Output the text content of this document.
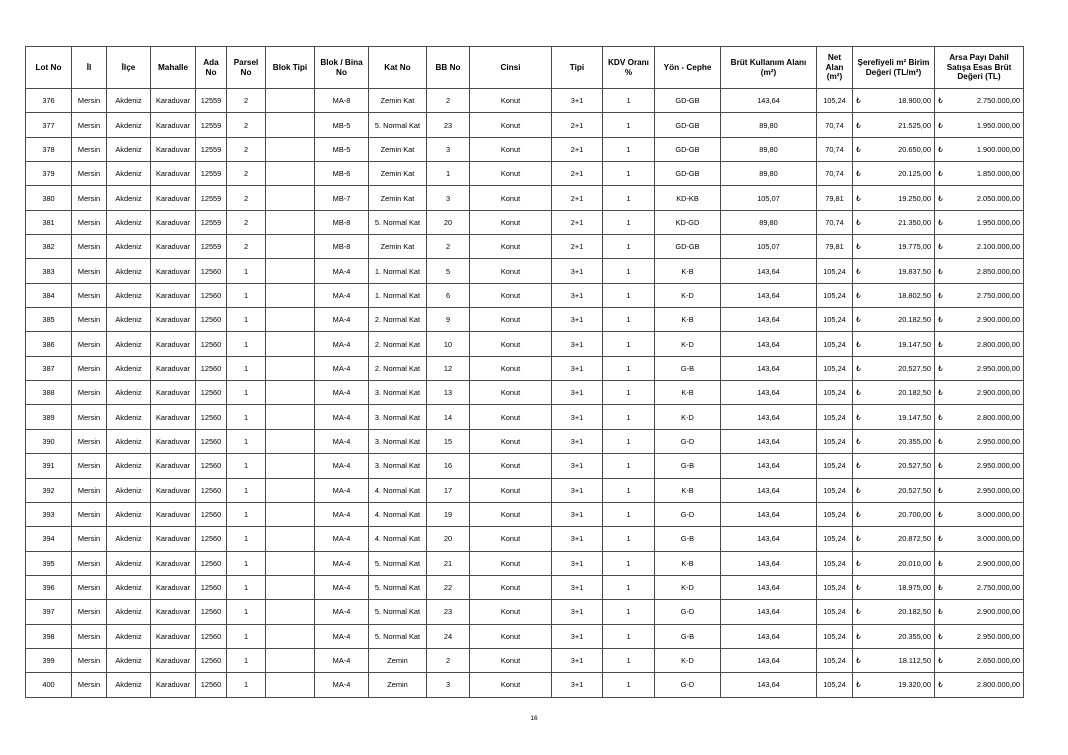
Lot No	İl	İlçe	Mahalle	Ada No	Parsel No	Blok Tipi	Blok / Bina No	Kat No	BB No	Cinsi	Tipi	KDV Oranı %	Yön - Cephe	Brüt Kullanım Alanı (m²)	Net Alan (m²)	Şerefiyeli m² Birim Değeri (TL/m²)	Arsa Payı Dahil Satışa Esas Brüt Değeri (TL)
376	Mersin	Akdeniz	Karaduvar	12559	2		MA-8	Zemin Kat	2	Konut	3+1	1	GD-GB	143,64	105,24	₺ 18.900,00	₺ 2.750.000,00
377	Mersin	Akdeniz	Karaduvar	12559	2		MB-5	5. Normal Kat	23	Konut	2+1	1	GD-GB	89,80	70,74	₺ 21.525,00	₺ 1.950.000,00
378	Mersin	Akdeniz	Karaduvar	12559	2		MB-5	Zemin Kat	3	Konut	2+1	1	GD-GB	89,80	70,74	₺ 20.650,00	₺ 1.900.000,00
379	Mersin	Akdeniz	Karaduvar	12559	2		MB-6	Zemin Kat	1	Konut	2+1	1	GD-GB	89,80	70,74	₺ 20.125,00	₺ 1.850.000,00
380	Mersin	Akdeniz	Karaduvar	12559	2		MB-7	Zemin Kat	3	Konut	2+1	1	KD-KB	105,07	79,81	₺ 19.250,00	₺ 2.050.000,00
381	Mersin	Akdeniz	Karaduvar	12559	2		MB-8	5. Normal Kat	20	Konut	2+1	1	KD-GD	89,80	70,74	₺ 21.350,00	₺ 1.950.000,00
382	Mersin	Akdeniz	Karaduvar	12559	2		MB-8	Zemin Kat	2	Konut	2+1	1	GD-GB	105,07	79,81	₺ 19.775,00	₺ 2.100.000,00
383	Mersin	Akdeniz	Karaduvar	12560	1		MA-4	1. Normal Kat	5	Konut	3+1	1	K-B	143,64	105,24	₺ 19.837,50	₺ 2.850.000,00
384	Mersin	Akdeniz	Karaduvar	12560	1		MA-4	1. Normal Kat	6	Konut	3+1	1	K-D	143,64	105,24	₺ 18.802,50	₺ 2.750.000,00
385	Mersin	Akdeniz	Karaduvar	12560	1		MA-4	2. Normal Kat	9	Konut	3+1	1	K-B	143,64	105,24	₺ 20.182,50	₺ 2.900.000,00
386	Mersin	Akdeniz	Karaduvar	12560	1		MA-4	2. Normal Kat	10	Konut	3+1	1	K-D	143,64	105,24	₺ 19.147,50	₺ 2.800.000,00
387	Mersin	Akdeniz	Karaduvar	12560	1		MA-4	2. Normal Kat	12	Konut	3+1	1	G-B	143,64	105,24	₺ 20.527,50	₺ 2.950.000,00
388	Mersin	Akdeniz	Karaduvar	12560	1		MA-4	3. Normal Kat	13	Konut	3+1	1	K-B	143,64	105,24	₺ 20.182,50	₺ 2.900.000,00
389	Mersin	Akdeniz	Karaduvar	12560	1		MA-4	3. Normal Kat	14	Konut	3+1	1	K-D	143,64	105,24	₺ 19.147,50	₺ 2.800.000,00
390	Mersin	Akdeniz	Karaduvar	12560	1		MA-4	3. Normal Kat	15	Konut	3+1	1	G-D	143,64	105,24	₺ 20.355,00	₺ 2.950.000,00
391	Mersin	Akdeniz	Karaduvar	12560	1		MA-4	3. Normal Kat	16	Konut	3+1	1	G-B	143,64	105,24	₺ 20.527,50	₺ 2.950.000,00
392	Mersin	Akdeniz	Karaduvar	12560	1		MA-4	4. Normal Kat	17	Konut	3+1	1	K-B	143,64	105,24	₺ 20.527,50	₺ 2.950.000,00
393	Mersin	Akdeniz	Karaduvar	12560	1		MA-4	4. Normal Kat	19	Konut	3+1	1	G-D	143,64	105,24	₺ 20.700,00	₺ 3.000.000,00
394	Mersin	Akdeniz	Karaduvar	12560	1		MA-4	4. Normal Kat	20	Konut	3+1	1	G-B	143,64	105,24	₺ 20.872,50	₺ 3.000.000,00
395	Mersin	Akdeniz	Karaduvar	12560	1		MA-4	5. Normal Kat	21	Konut	3+1	1	K-B	143,64	105,24	₺ 20.010,00	₺ 2.900.000,00
396	Mersin	Akdeniz	Karaduvar	12560	1		MA-4	5. Normal Kat	22	Konut	3+1	1	K-D	143,64	105,24	₺ 18.975,00	₺ 2.750.000,00
397	Mersin	Akdeniz	Karaduvar	12560	1		MA-4	5. Normal Kat	23	Konut	3+1	1	G-D	143,64	105,24	₺ 20.182,50	₺ 2.900.000,00
398	Mersin	Akdeniz	Karaduvar	12560	1		MA-4	5. Normal Kat	24	Konut	3+1	1	G-B	143,64	105,24	₺ 20.355,00	₺ 2.950.000,00
399	Mersin	Akdeniz	Karaduvar	12560	1		MA-4	Zemin	2	Konut	3+1	1	K-D	143,64	105,24	₺ 18.112,50	₺ 2.650.000,00
400	Mersin	Akdeniz	Karaduvar	12560	1		MA-4	Zemin	3	Konut	3+1	1	G-D	143,64	105,24	₺ 19.320,00	₺ 2.800.000,00
16
